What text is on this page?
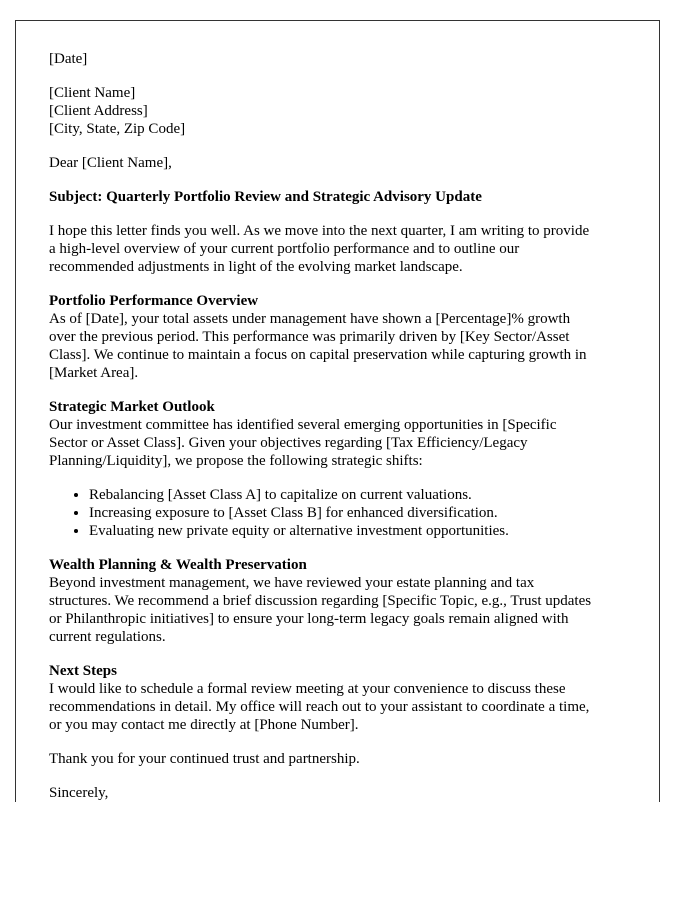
[Date]
[Client Name]
[Client Address]
[City, State, Zip Code]
Dear [Client Name],
Subject: Quarterly Portfolio Review and Strategic Advisory Update
I hope this letter finds you well. As we move into the next quarter, I am writing to provide
a high-level overview of your current portfolio performance and to outline our
recommended adjustments in light of the evolving market landscape.
Portfolio Performance Overview
As of [Date], your total assets under management have shown a [Percentage]% growth
over the previous period. This performance was primarily driven by [Key Sector/Asset
Class]. We continue to maintain a focus on capital preservation while capturing growth in
[Market Area].
Strategic Market Outlook
Our investment committee has identified several emerging opportunities in [Specific
Sector or Asset Class]. Given your objectives regarding [Tax Efficiency/Legacy
Planning/Liquidity], we propose the following strategic shifts:
• Rebalancing [Asset Class A] to capitalize on current valuations.
• Increasing exposure to [Asset Class B] for enhanced diversification.
• Evaluating new private equity or alternative investment opportunities.
Wealth Planning & Wealth Preservation
Beyond investment management, we have reviewed your estate planning and tax
structures. We recommend a brief discussion regarding [Specific Topic, e.g., Trust updates
or Philanthropic initiatives] to ensure your long-term legacy goals remain aligned with
current regulations.
Next Steps
I would like to schedule a formal review meeting at your convenience to discuss these
recommendations in detail. My office will reach out to your assistant to coordinate a time,
or you may contact me directly at [Phone Number].
Thank you for your continued trust and partnership.
Sincerely,
